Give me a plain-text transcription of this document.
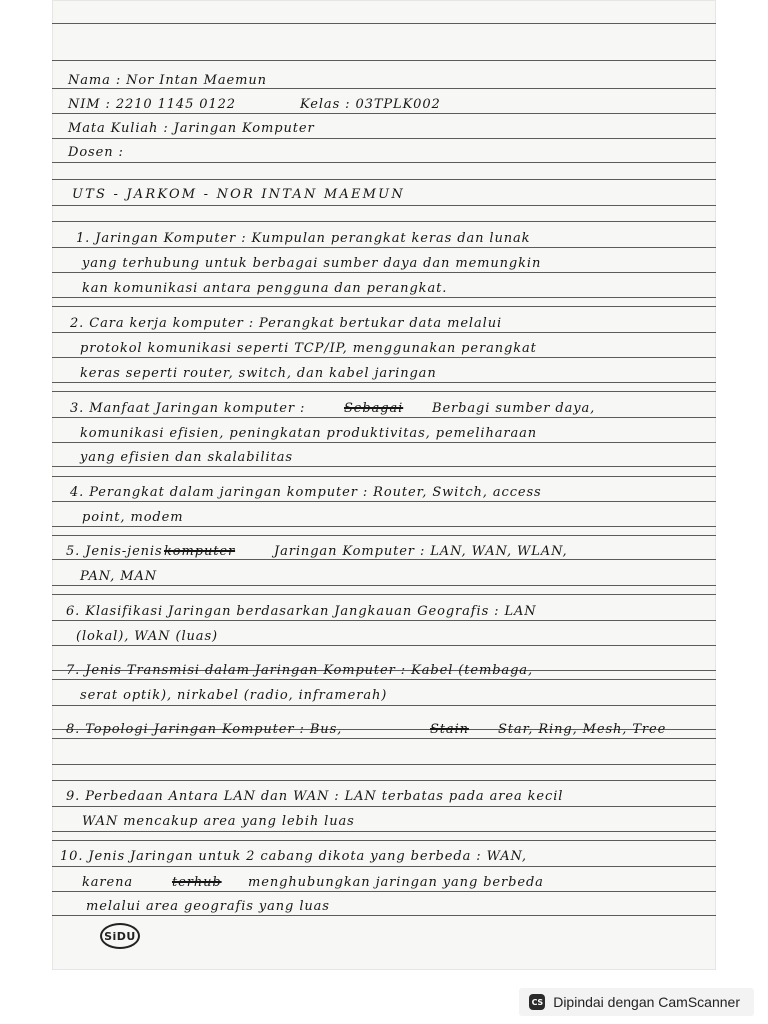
Nama : Nor Intan Maemun
NIM : 2210 1145 0122	Kelas : 03TPLK002
Mata Kuliah : Jaringan Komputer
Dosen :
UTS - JARKOM - NOR INTAN MAEMUN
1. Jaringan Komputer : Kumpulan perangkat keras dan lunak
yang terhubung untuk berbagai sumber daya dan memungkin
kan komunikasi antara pengguna dan perangkat.
2. Cara kerja komputer : Perangkat bertukar data melalui
protokol komunikasi seperti TCP/IP, menggunakan perangkat
keras seperti router, switch, dan kabel jaringan
3. Manfaat Jaringan komputer :	Sebagai Berbagi sumber daya,
komunikasi efisien, peningkatan produktivitas, pemeliharaan
yang efisien dan skalabilitas
4. Perangkat dalam jaringan komputer : Router, Switch, access
point, modem
5. Jenis-jenis komputer	Jaringan Komputer : LAN, WAN, WLAN,
PAN, MAN
6. Klasifikasi Jaringan berdasarkan Jangkauan Geografis : LAN
(lokal), WAN (luas)
7. Jenis Transmisi dalam Jaringan Komputer : Kabel (tembaga,
serat optik), nirkabel (radio, inframerah)
8. Topologi Jaringan Komputer : Bus,	Stain Star, Ring, Mesh, Tree
9. Perbedaan Antara LAN dan WAN : LAN terbatas pada area kecil
WAN mencakup area yang lebih luas
10. Jenis Jaringan untuk 2 cabang dikota yang berbeda : WAN,
karena	terhub menghubungkan jaringan yang berbeda
melalui area geografis yang luas
SiDU
CS Dipindai dengan CamScanner
